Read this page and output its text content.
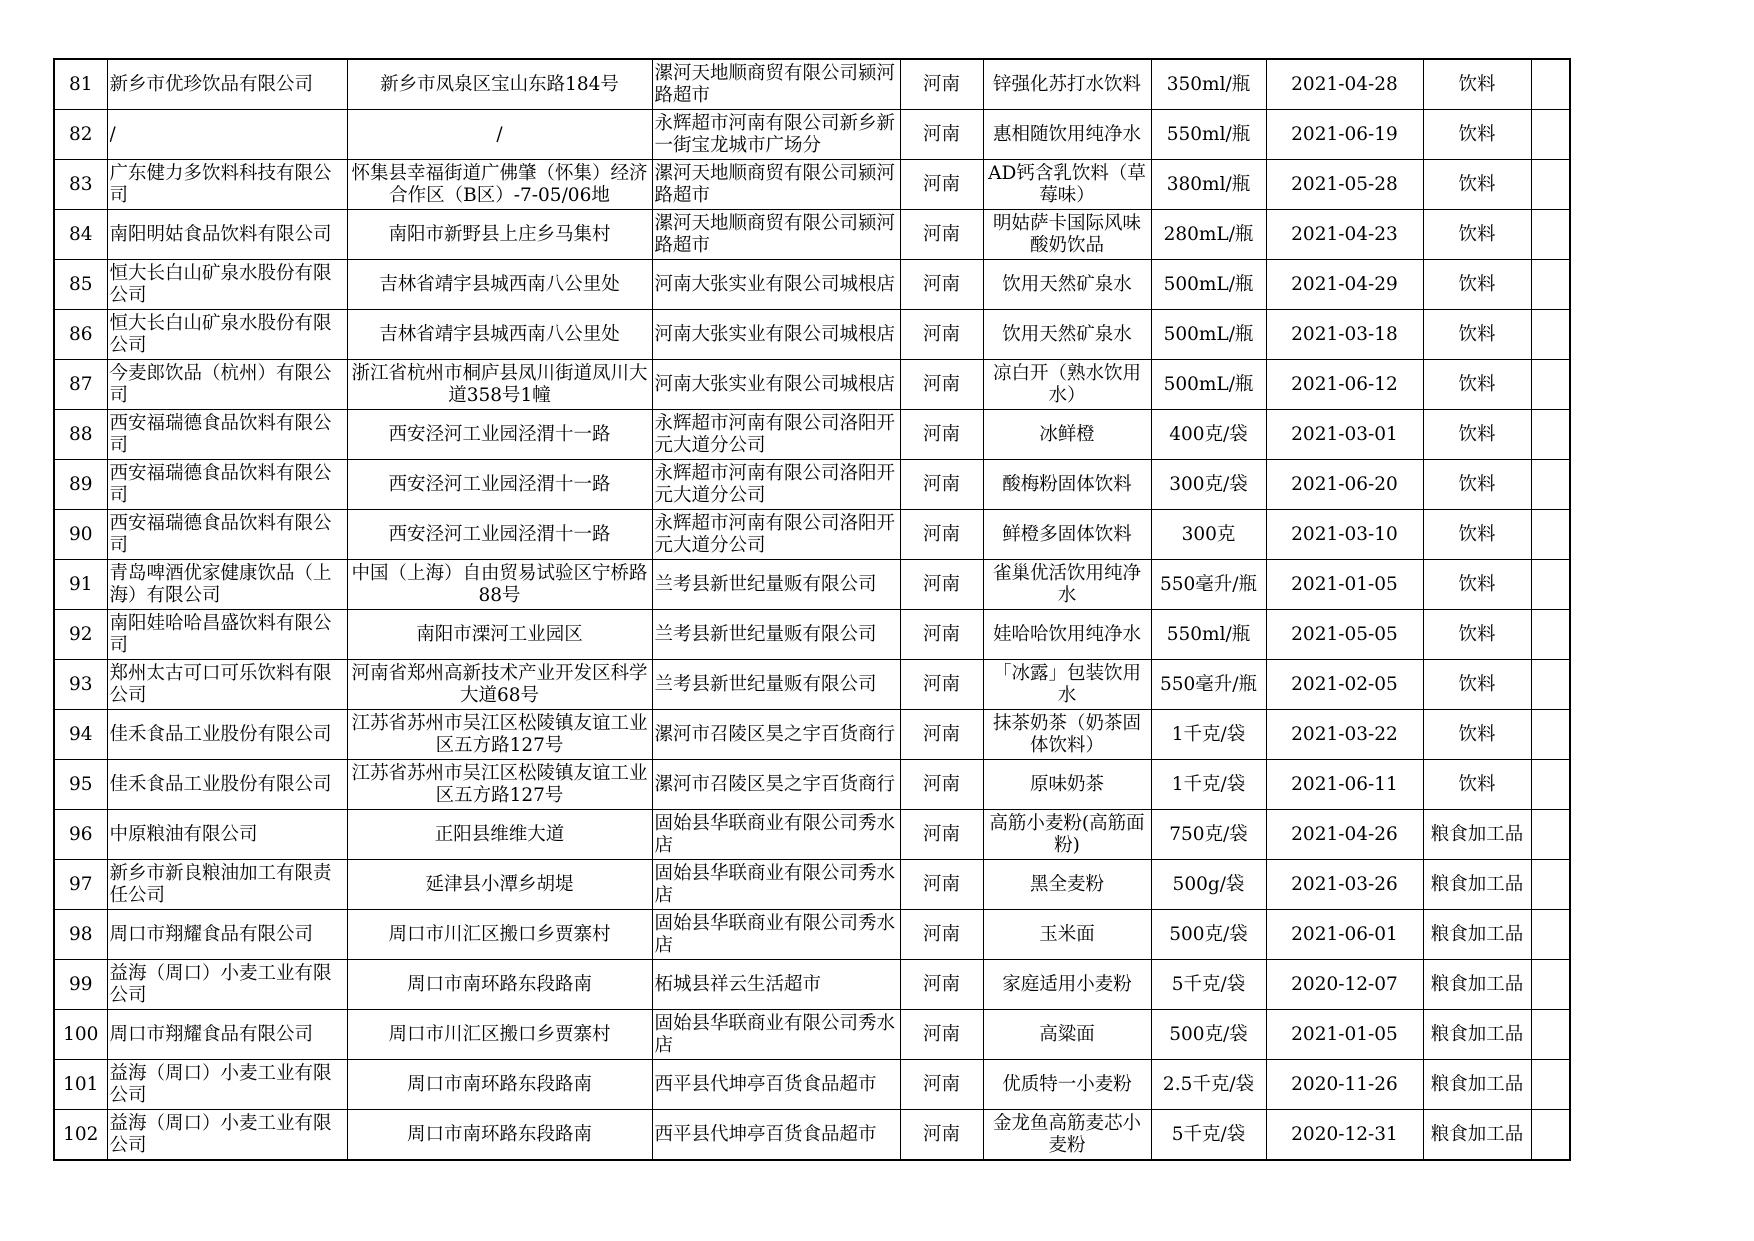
81	新乡市优珍饮品有限公司	新乡市凤泉区宝山东路184号	漯河天地顺商贸有限公司颍河路超市	河南	锌强化苏打水饮料	350ml/瓶	2021-04-28	饮料	

82	/	/	永辉超市河南有限公司新乡新一街宝龙城市广场分	河南	惠相随饮用纯净水	550ml/瓶	2021-06-19	饮料	

83	广东健力多饮料科技有限公司	怀集县幸福街道广佛肇（怀集）经济合作区（B区）-7-05/06地	漯河天地顺商贸有限公司颍河路超市	河南	AD钙含乳饮料（草莓味）	380ml/瓶	2021-05-28	饮料	

84	南阳明姑食品饮料有限公司	南阳市新野县上庄乡马集村	漯河天地顺商贸有限公司颍河路超市	河南	明姑萨卡国际风味酸奶饮品	280mL/瓶	2021-04-23	饮料	

85	恒大长白山矿泉水股份有限公司	吉林省靖宇县城西南八公里处	河南大张实业有限公司城根店	河南	饮用天然矿泉水	500mL/瓶	2021-04-29	饮料	

86	恒大长白山矿泉水股份有限公司	吉林省靖宇县城西南八公里处	河南大张实业有限公司城根店	河南	饮用天然矿泉水	500mL/瓶	2021-03-18	饮料	

87	今麦郎饮品（杭州）有限公司	浙江省杭州市桐庐县凤川街道凤川大道358号1幢	河南大张实业有限公司城根店	河南	凉白开（熟水饮用水）	500mL/瓶	2021-06-12	饮料	

88	西安福瑞德食品饮料有限公司	西安泾河工业园泾渭十一路	永辉超市河南有限公司洛阳开元大道分公司	河南	冰鲜橙	400克/袋	2021-03-01	饮料	

89	西安福瑞德食品饮料有限公司	西安泾河工业园泾渭十一路	永辉超市河南有限公司洛阳开元大道分公司	河南	酸梅粉固体饮料	300克/袋	2021-06-20	饮料	

90	西安福瑞德食品饮料有限公司	西安泾河工业园泾渭十一路	永辉超市河南有限公司洛阳开元大道分公司	河南	鲜橙多固体饮料	300克	2021-03-10	饮料	

91	青岛啤酒优家健康饮品（上海）有限公司	中国（上海）自由贸易试验区宁桥路88号	兰考县新世纪量贩有限公司	河南	雀巢优活饮用纯净水	550毫升/瓶	2021-01-05	饮料	

92	南阳娃哈哈昌盛饮料有限公司	南阳市溧河工业园区	兰考县新世纪量贩有限公司	河南	娃哈哈饮用纯净水	550ml/瓶	2021-05-05	饮料	

93	郑州太古可口可乐饮料有限公司	河南省郑州高新技术产业开发区科学大道68号	兰考县新世纪量贩有限公司	河南	「冰露」包装饮用水	550毫升/瓶	2021-02-05	饮料	

94	佳禾食品工业股份有限公司	江苏省苏州市吴江区松陵镇友谊工业区五方路127号	漯河市召陵区昊之宇百货商行	河南	抹茶奶茶（奶茶固体饮料）	1千克/袋	2021-03-22	饮料	

95	佳禾食品工业股份有限公司	江苏省苏州市吴江区松陵镇友谊工业区五方路127号	漯河市召陵区昊之宇百货商行	河南	原味奶茶	1千克/袋	2021-06-11	饮料	

96	中原粮油有限公司	正阳县维维大道	固始县华联商业有限公司秀水店	河南	高筋小麦粉(高筋面粉)	750克/袋	2021-04-26	粮食加工品	

97	新乡市新良粮油加工有限责任公司	延津县小潭乡胡堤	固始县华联商业有限公司秀水店	河南	黑全麦粉	500g/袋	2021-03-26	粮食加工品	

98	周口市翔耀食品有限公司	周口市川汇区搬口乡贾寨村	固始县华联商业有限公司秀水店	河南	玉米面	500克/袋	2021-06-01	粮食加工品	

99	益海（周口）小麦工业有限公司	周口市南环路东段路南	柘城县祥云生活超市	河南	家庭适用小麦粉	5千克/袋	2020-12-07	粮食加工品	

100	周口市翔耀食品有限公司	周口市川汇区搬口乡贾寨村	固始县华联商业有限公司秀水店	河南	高粱面	500克/袋	2021-01-05	粮食加工品	

101	益海（周口）小麦工业有限公司	周口市南环路东段路南	西平县代坤亭百货食品超市	河南	优质特一小麦粉	2.5千克/袋	2020-11-26	粮食加工品	

102	益海（周口）小麦工业有限公司	周口市南环路东段路南	西平县代坤亭百货食品超市	河南	金龙鱼高筋麦芯小麦粉	5千克/袋	2020-12-31	粮食加工品	
